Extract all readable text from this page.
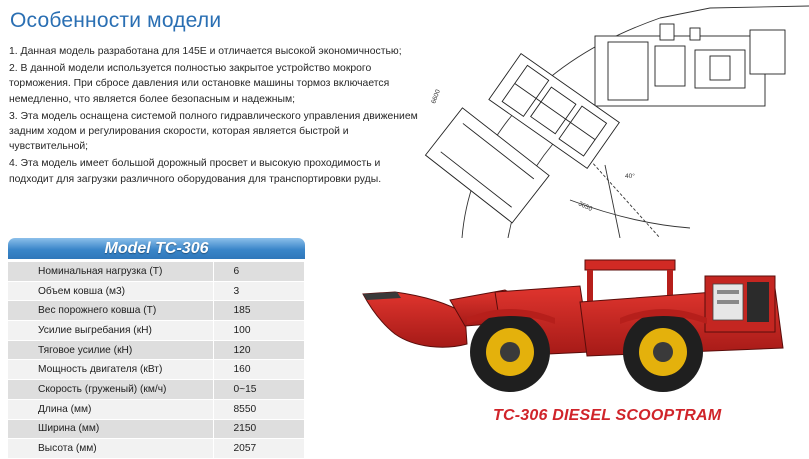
Особенности модели
1. Данная модель разработана для 145E и отличается высокой экономичностью;
2. В данной модели используется полностью закрытое устройство мокрого торможения. При сбросе давления или остановке машины тормоз включается немедленно, что является более безопасным и надежным;
3. Эта модель оснащена системой полного гидравлического управления движением задним ходом и регулирования скорости, которая является быстрой и чувствительной;
4. Эта модель имеет большой дорожный просвет и высокую проходимость и подходит для загрузки различного оборудования для транспортировки руды.
6600
3650
40°
Model TC-306
Номинальная нагрузка (Т)	6
Объем ковша (м3)	3
Вес порожнего ковша (Т)	185
Усилие выгребания (кН)	100
Тяговое усилие (кН)	120
Мощность двигателя (кВт)	160
Скорость (груженый) (км/ч)	0~15
Длина (мм)	8550
Ширина (мм)	2150
Высота (мм)	2057
TC-306 DIESEL SCOOPTRAM
